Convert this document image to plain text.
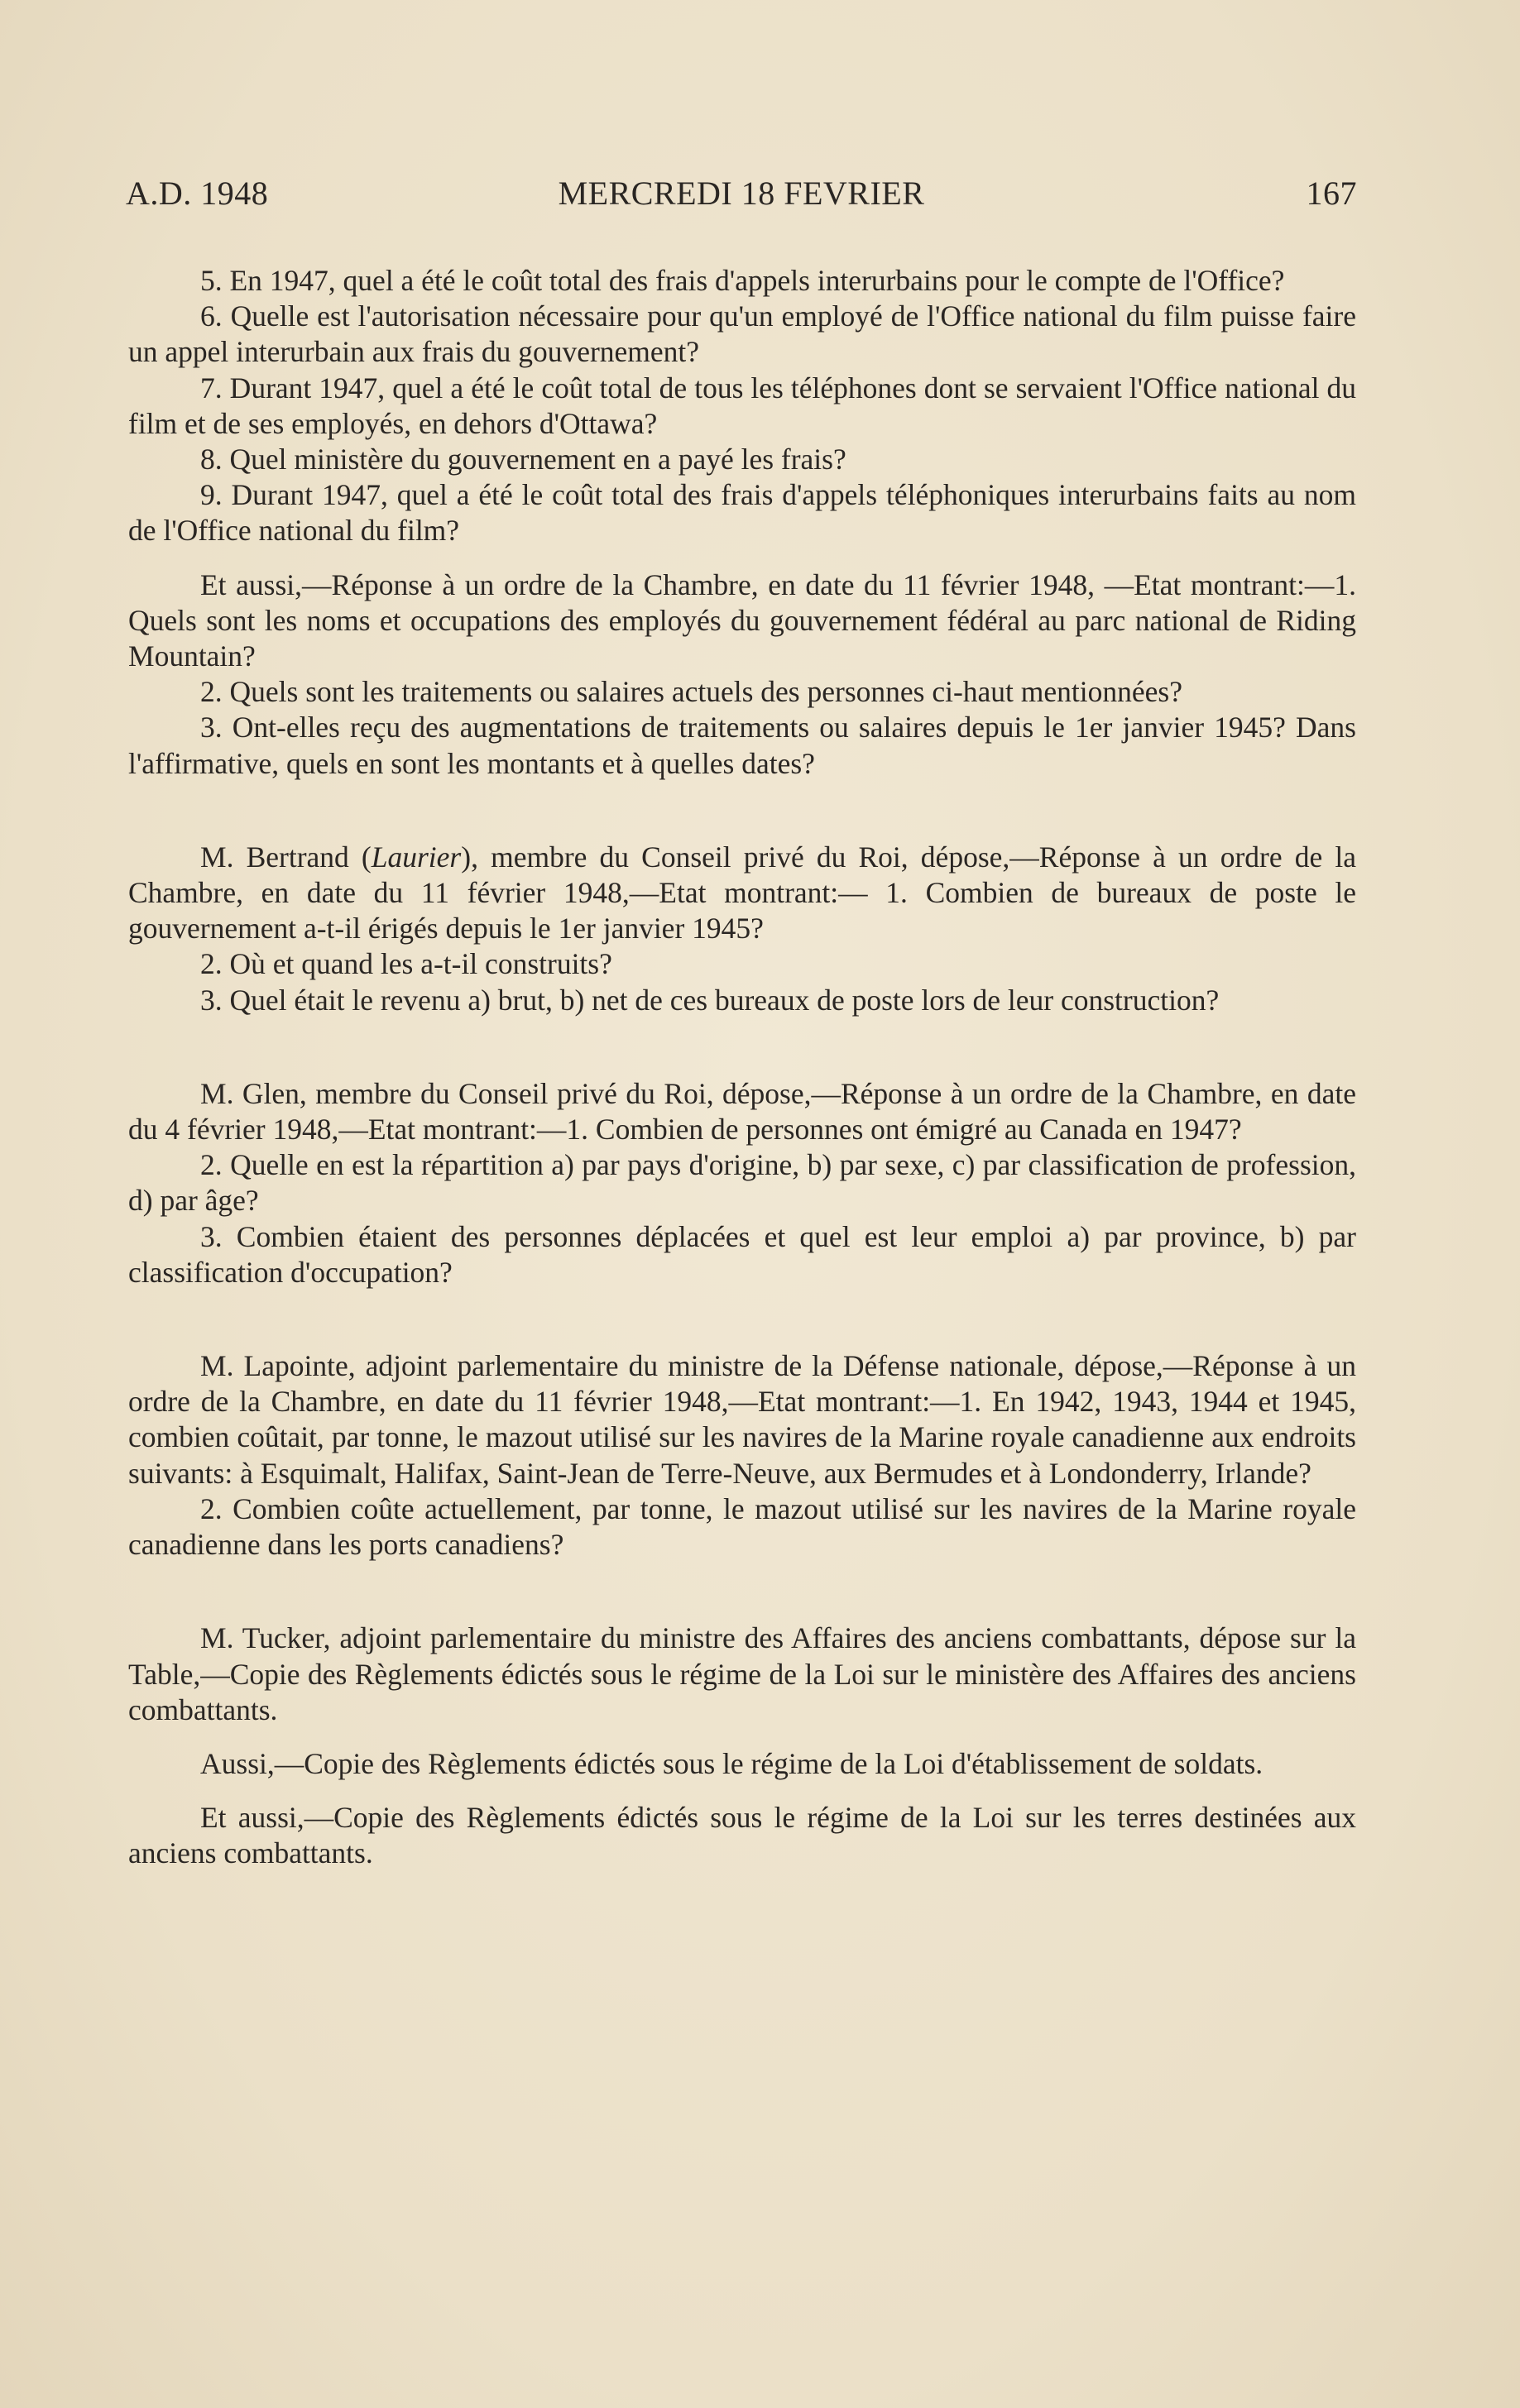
A.D. 1948	MERCREDI 18 FEVRIER	167

5. En 1947, quel a été le coût total des frais d'appels interurbains pour le compte de l'Office?

6. Quelle est l'autorisation nécessaire pour qu'un employé de l'Office national du film puisse faire un appel interurbain aux frais du gouvernement?

7. Durant 1947, quel a été le coût total de tous les téléphones dont se servaient l'Office national du film et de ses employés, en dehors d'Ottawa?

8. Quel ministère du gouvernement en a payé les frais?

9. Durant 1947, quel a été le coût total des frais d'appels téléphoniques interurbains faits au nom de l'Office national du film?

Et aussi,—Réponse à un ordre de la Chambre, en date du 11 février 1948, —Etat montrant:—1. Quels sont les noms et occupations des employés du gouvernement fédéral au parc national de Riding Mountain?

2. Quels sont les traitements ou salaires actuels des personnes ci-haut mentionnées?

3. Ont-elles reçu des augmentations de traitements ou salaires depuis le 1er janvier 1945? Dans l'affirmative, quels en sont les montants et à quelles dates?

M. Bertrand (Laurier), membre du Conseil privé du Roi, dépose,—Réponse à un ordre de la Chambre, en date du 11 février 1948,—Etat montrant:— 1. Combien de bureaux de poste le gouvernement a-t-il érigés depuis le 1er janvier 1945?

2. Où et quand les a-t-il construits?

3. Quel était le revenu a) brut, b) net de ces bureaux de poste lors de leur construction?

M. Glen, membre du Conseil privé du Roi, dépose,—Réponse à un ordre de la Chambre, en date du 4 février 1948,—Etat montrant:—1. Combien de personnes ont émigré au Canada en 1947?

2. Quelle en est la répartition a) par pays d'origine, b) par sexe, c) par classification de profession, d) par âge?

3. Combien étaient des personnes déplacées et quel est leur emploi a) par province, b) par classification d'occupation?

M. Lapointe, adjoint parlementaire du ministre de la Défense nationale, dépose,—Réponse à un ordre de la Chambre, en date du 11 février 1948,—Etat montrant:—1. En 1942, 1943, 1944 et 1945, combien coûtait, par tonne, le mazout utilisé sur les navires de la Marine royale canadienne aux endroits suivants: à Esquimalt, Halifax, Saint-Jean de Terre-Neuve, aux Bermudes et à Londonderry, Irlande?

2. Combien coûte actuellement, par tonne, le mazout utilisé sur les navires de la Marine royale canadienne dans les ports canadiens?

M. Tucker, adjoint parlementaire du ministre des Affaires des anciens combattants, dépose sur la Table,—Copie des Règlements édictés sous le régime de la Loi sur le ministère des Affaires des anciens combattants.

Aussi,—Copie des Règlements édictés sous le régime de la Loi d'établissement de soldats.

Et aussi,—Copie des Règlements édictés sous le régime de la Loi sur les terres destinées aux anciens combattants.
